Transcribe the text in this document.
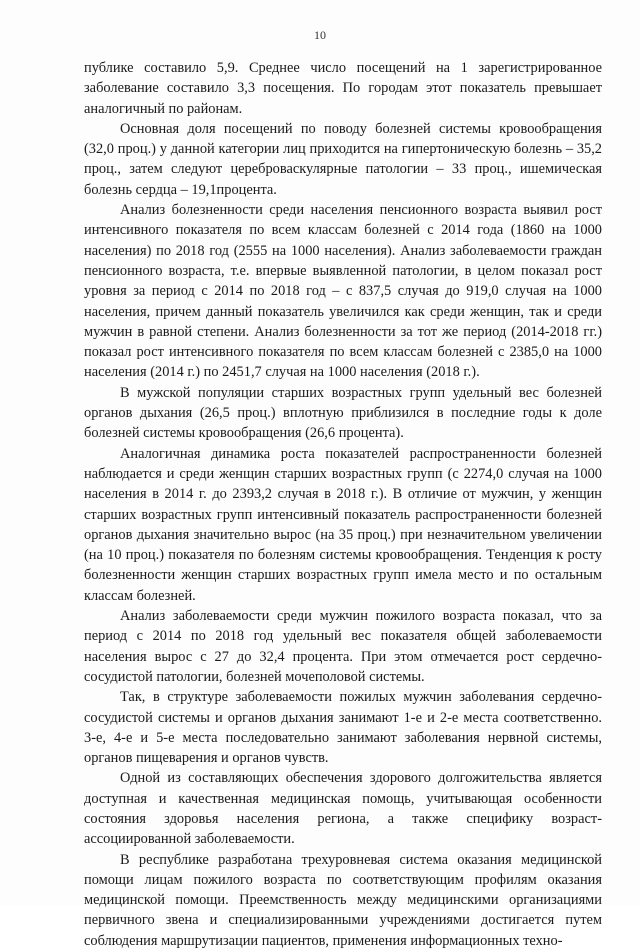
10

публике составило 5,9. Среднее число посещений на 1 зарегистрированное заболевание составило 3,3 посещения. По городам этот показатель превышает аналогичный по районам.

Основная доля посещений по поводу болезней системы кровообращения (32,0 проц.) у данной категории лиц приходится на гипертоническую болезнь – 35,2 проц., затем следуют цереброваскулярные патологии – 33 проц., ишемическая болезнь сердца – 19,1процента.

Анализ болезненности среди населения пенсионного возраста выявил рост интенсивного показателя по всем классам болезней с 2014 года (1860 на 1000 населения) по 2018 год (2555 на 1000 населения). Анализ заболеваемости граждан пенсионного возраста, т.е. впервые выявленной патологии, в целом показал рост уровня за период с 2014 по 2018 год – с 837,5 случая до 919,0 случая на 1000 населения, причем данный показатель увеличился как среди женщин, так и среди мужчин в равной степени. Анализ болезненности за тот же период (2014-2018 гг.) показал рост интенсивного показателя по всем классам болезней с 2385,0 на 1000 населения (2014 г.) по 2451,7 случая на 1000 населения (2018 г.).

В мужской популяции старших возрастных групп удельный вес болезней органов дыхания (26,5 проц.) вплотную приблизился в последние годы к доле болезней системы кровообращения (26,6 процента).

Аналогичная динамика роста показателей распространенности болезней наблюдается и среди женщин старших возрастных групп (с 2274,0 случая на 1000 населения в 2014 г. до 2393,2 случая в 2018 г.). В отличие от мужчин, у женщин старших возрастных групп интенсивный показатель распространенности болезней органов дыхания значительно вырос (на 35 проц.) при незначительном увеличении (на 10 проц.) показателя по болезням системы кровообращения. Тенденция к росту болезненности женщин старших возрастных групп имела место и по остальным классам болезней.

Анализ заболеваемости среди мужчин пожилого возраста показал, что за период с 2014 по 2018 год удельный вес показателя общей заболеваемости населения вырос с 27 до 32,4 процента. При этом отмечается рост сердечно-сосудистой патологии, болезней мочеполовой системы.

Так, в структуре заболеваемости пожилых мужчин заболевания сердечно-сосудистой системы и органов дыхания занимают 1-е и 2-е места соответственно. 3-е, 4-е и 5-е места последовательно занимают заболевания нервной системы, органов пищеварения и органов чувств.

Одной из составляющих обеспечения здорового долгожительства является доступная и качественная медицинская помощь, учитывающая особенности состояния здоровья населения региона, а также специфику возраст-ассоциированной заболеваемости.

В республике разработана трехуровневая система оказания медицинской помощи лицам пожилого возраста по соответствующим профилям оказания медицинской помощи. Преемственность между медицинскими организациями первичного звена и специализированными учреждениями достигается путем соблюдения маршрутизации пациентов, применения информационных техно-
